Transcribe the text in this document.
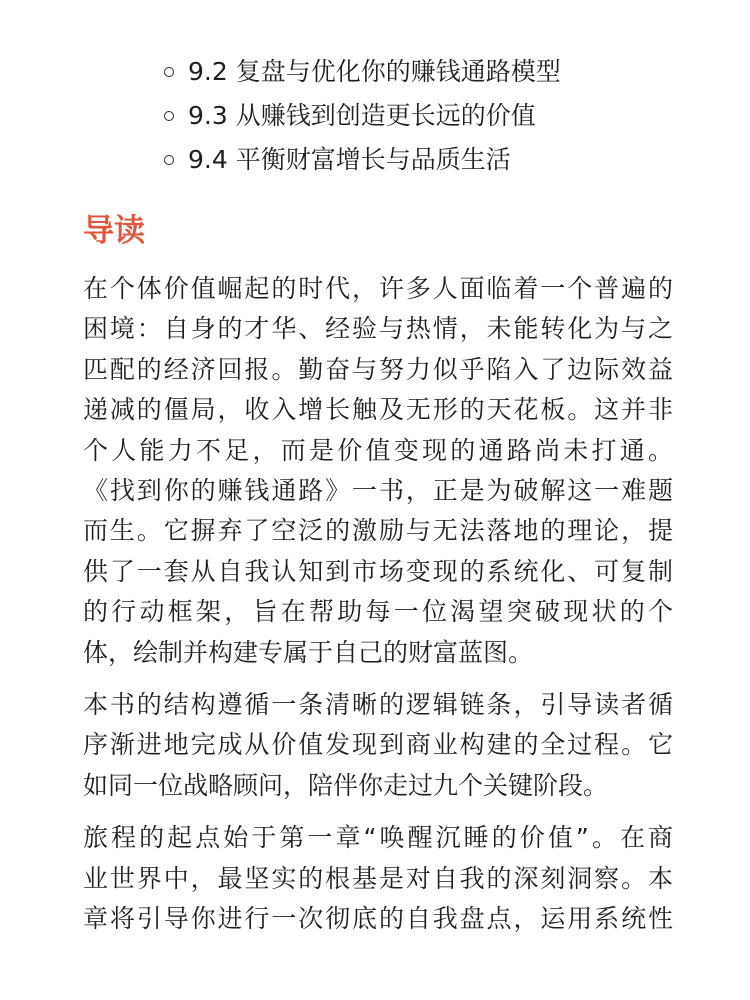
9.2 复盘与优化你的赚钱通路模型
9.3 从赚钱到创造更长远的价值
9.4 平衡财富增长与品质生活
导读

在个体价值崛起的时代，许多人面临着一个普遍的
困境：自身的才华、经验与热情，未能转化为与之
匹配的经济回报。勤奋与努力似乎陷入了边际效益
递减的僵局，收入增长触及无形的天花板。这并非
个人能力不足，而是价值变现的通路尚未打通。
《找到你的赚钱通路》一书，正是为破解这一难题
而生。它摒弃了空泛的激励与无法落地的理论，提
供了一套从自我认知到市场变现的系统化、可复制
的行动框架，旨在帮助每一位渴望突破现状的个
体，绘制并构建专属于自己的财富蓝图。

本书的结构遵循一条清晰的逻辑链条，引导读者循
序渐进地完成从价值发现到商业构建的全过程。它
如同一位战略顾问，陪伴你走过九个关键阶段。

旅程的起点始于第一章“唤醒沉睡的价值”。在商
业世界中，最坚实的根基是对自我的深刻洞察。本
章将引导你进行一次彻底的自我盘点，运用系统性
